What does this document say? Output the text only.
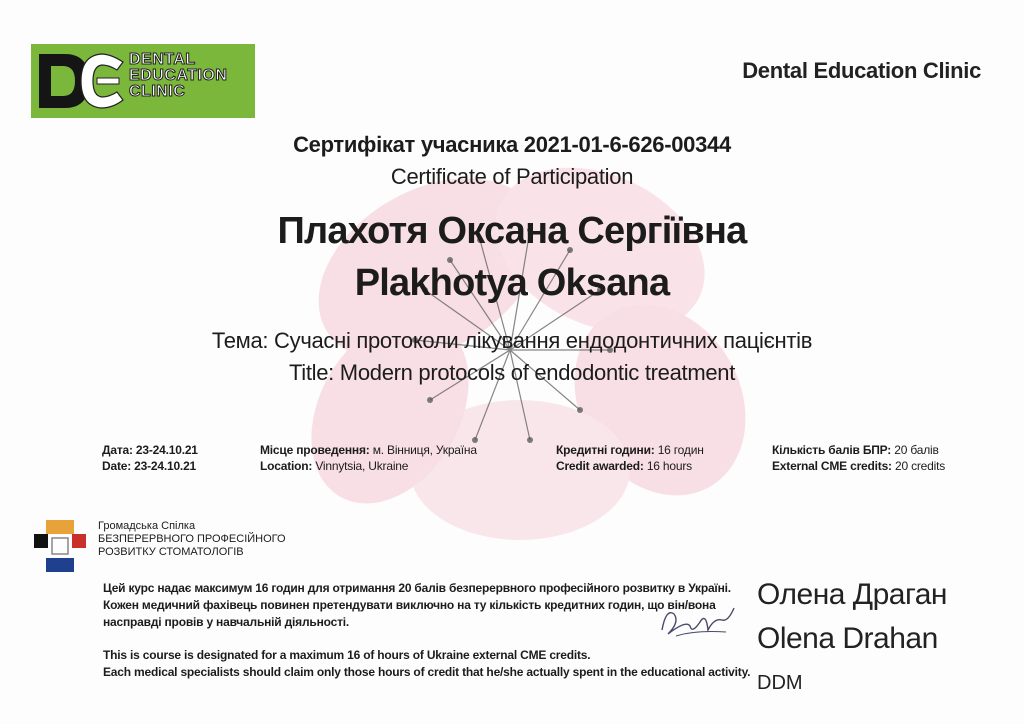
DENTAL
EDUCATION
CLINIC
Dental Education Clinic
Сертифікат учасника 2021-01-6-626-00344
Certificate of Participation
Плахотя Оксана Сергіївна
Plakhotya Oksana
Тема: Сучасні протоколи лікування ендодонтичних пацієнтів
Title: Modern protocols of endodontic treatment
Дата: 23-24.10.21
Date: 23-24.10.21
Місце проведення: м. Вінниця, Україна
Location: Vinnytsia, Ukraine
Кредитні години: 16 годин
Credit awarded: 16 hours
Кількість балів БПР: 20 балів
External CME credits: 20 credits
Громадська Спілка
БЕЗПЕРЕРВНОГО ПРОФЕСІЙНОГО
РОЗВИТКУ СТОМАТОЛОГІВ
Цей курс надає максимум 16 годин для отримання 20 балів безперервного професійного розвитку в Україні.
Кожен медичний фахівець повинен претендувати виключно на ту кількість кредитних годин, що він/вона
насправді провів у навчальній діяльності.
This is course is designated for a maximum 16 of hours of Ukraine external CME credits.
Each medical specialists should claim only those hours of credit that he/she actually spent in the educational activity.
Олена Драган
Olena Drahan
DDM
